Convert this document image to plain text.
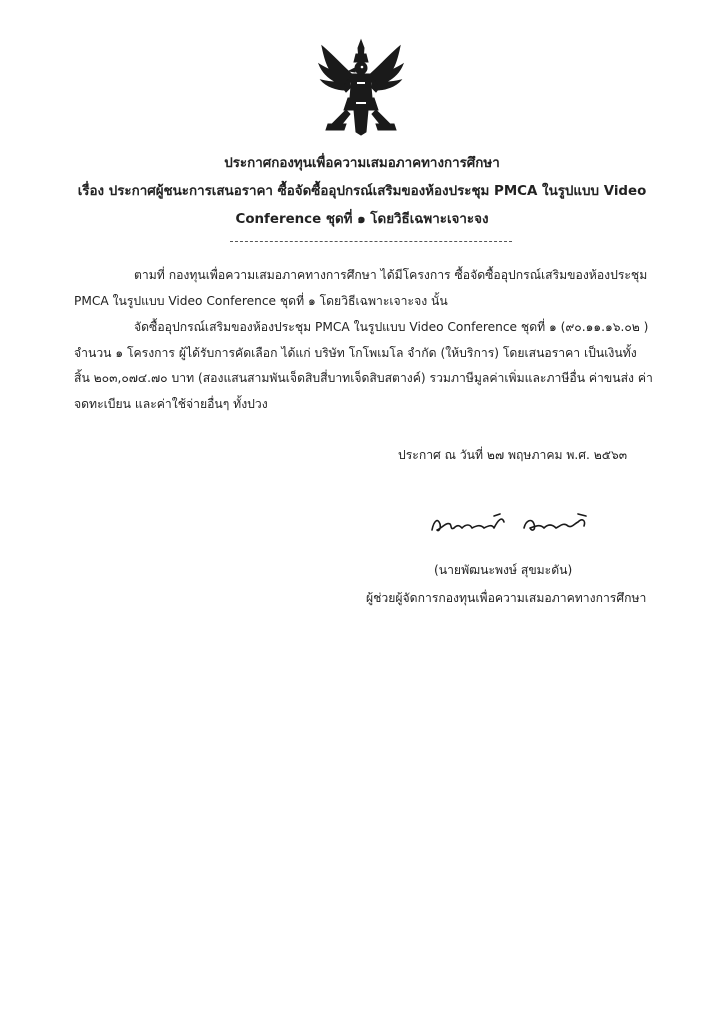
ประกาศกองทุนเพื่อความเสมอภาคทางการศึกษา
เรื่อง ประกาศผู้ชนะการเสนอราคา ซื้อจัดซื้ออุปกรณ์เสริมของห้องประชุม PMCA ในรูปแบบ Video
Conference ชุดที่ ๑ โดยวิธีเฉพาะเจาะจง
ตามที่ กองทุนเพื่อความเสมอภาคทางการศึกษา ได้มีโครงการ ซื้อจัดซื้ออุปกรณ์เสริมของห้องประชุม
PMCA ในรูปแบบ Video Conference ชุดที่ ๑ โดยวิธีเฉพาะเจาะจง นั้น
จัดซื้ออุปกรณ์เสริมของห้องประชุม PMCA ในรูปแบบ Video Conference ชุดที่ ๑ (๙๐.๑๑.๑๖.๐๒ )
จำนวน ๑ โครงการ ผู้ได้รับการคัดเลือก ได้แก่ บริษัท โกโพเมโล จำกัด (ให้บริการ) โดยเสนอราคา เป็นเงินทั้ง
สิ้น ๒๐๓,๐๗๔.๗๐ บาท (สองแสนสามพันเจ็ดสิบสี่บาทเจ็ดสิบสตางค์) รวมภาษีมูลค่าเพิ่มและภาษีอื่น ค่าขนส่ง ค่า
จดทะเบียน และค่าใช้จ่ายอื่นๆ ทั้งปวง
ประกาศ ณ วันที่ ๒๗ พฤษภาคม พ.ศ. ๒๕๖๓
(นายพัฒนะพงษ์ สุขมะดัน)
ผู้ช่วยผู้จัดการกองทุนเพื่อความเสมอภาคทางการศึกษา
